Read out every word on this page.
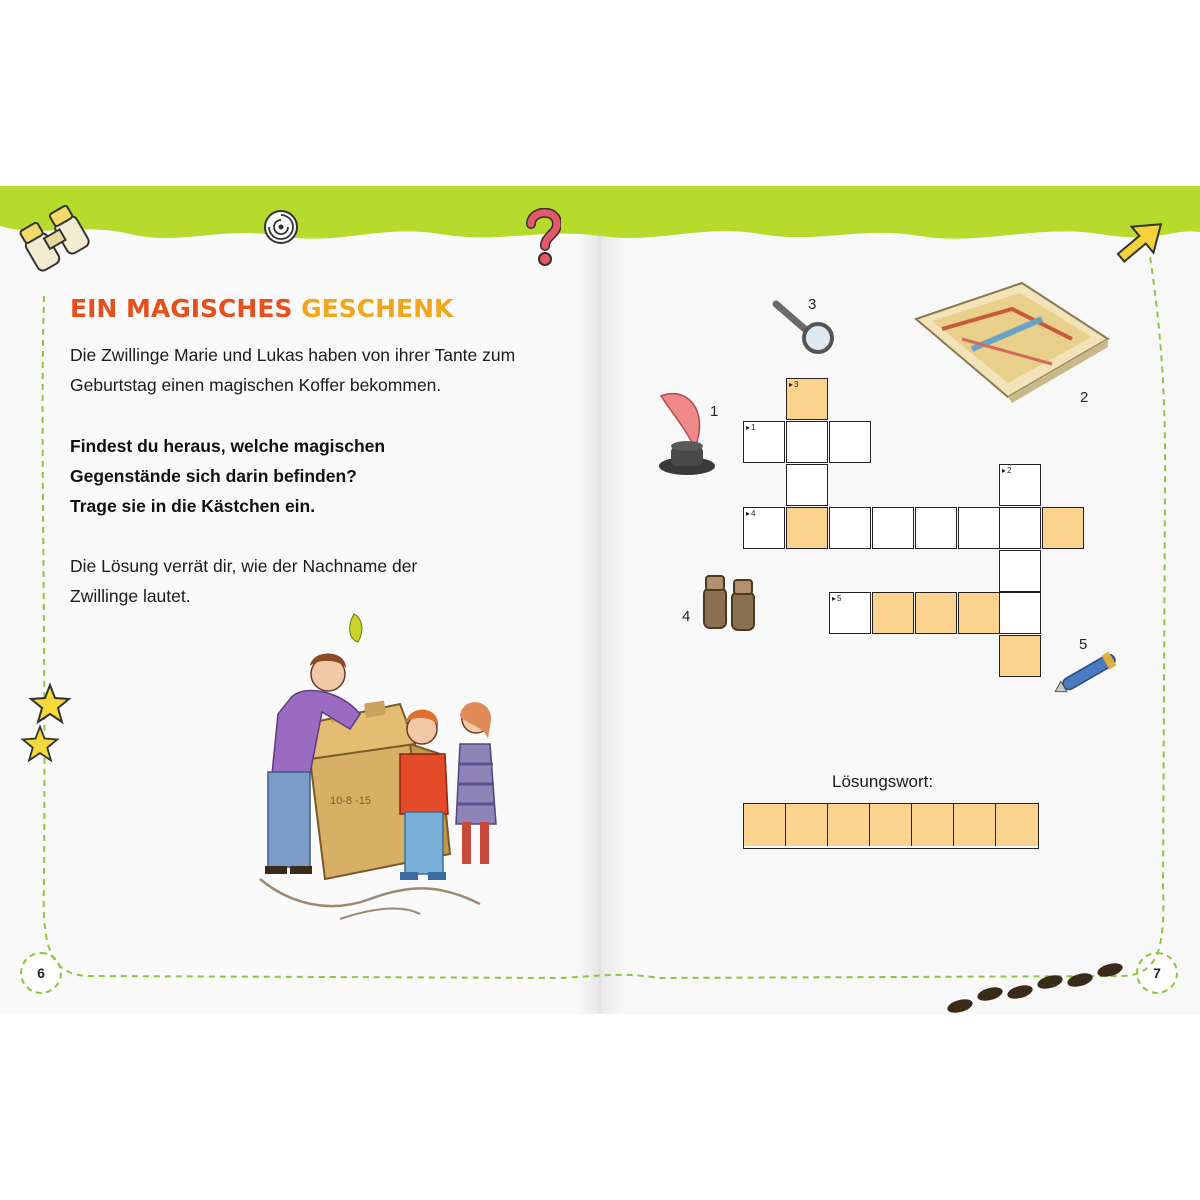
EIN MAGISCHES GESCHENK

Die Zwillinge Marie und Lukas haben von ihrer Tante zum Geburtstag einen magischen Koffer bekommen.

Findest du heraus, welche magischen
Gegenstände sich darin befinden?
Trage sie in die Kästchen ein.

Die Lösung verrät dir, wie der Nachname der Zwillinge lautet.

10-8 -15
6	7
3
2
1
4
5
▸ 3
▸ 1
▸ 2
▸ 4
▸ 5
Lösungswort:
